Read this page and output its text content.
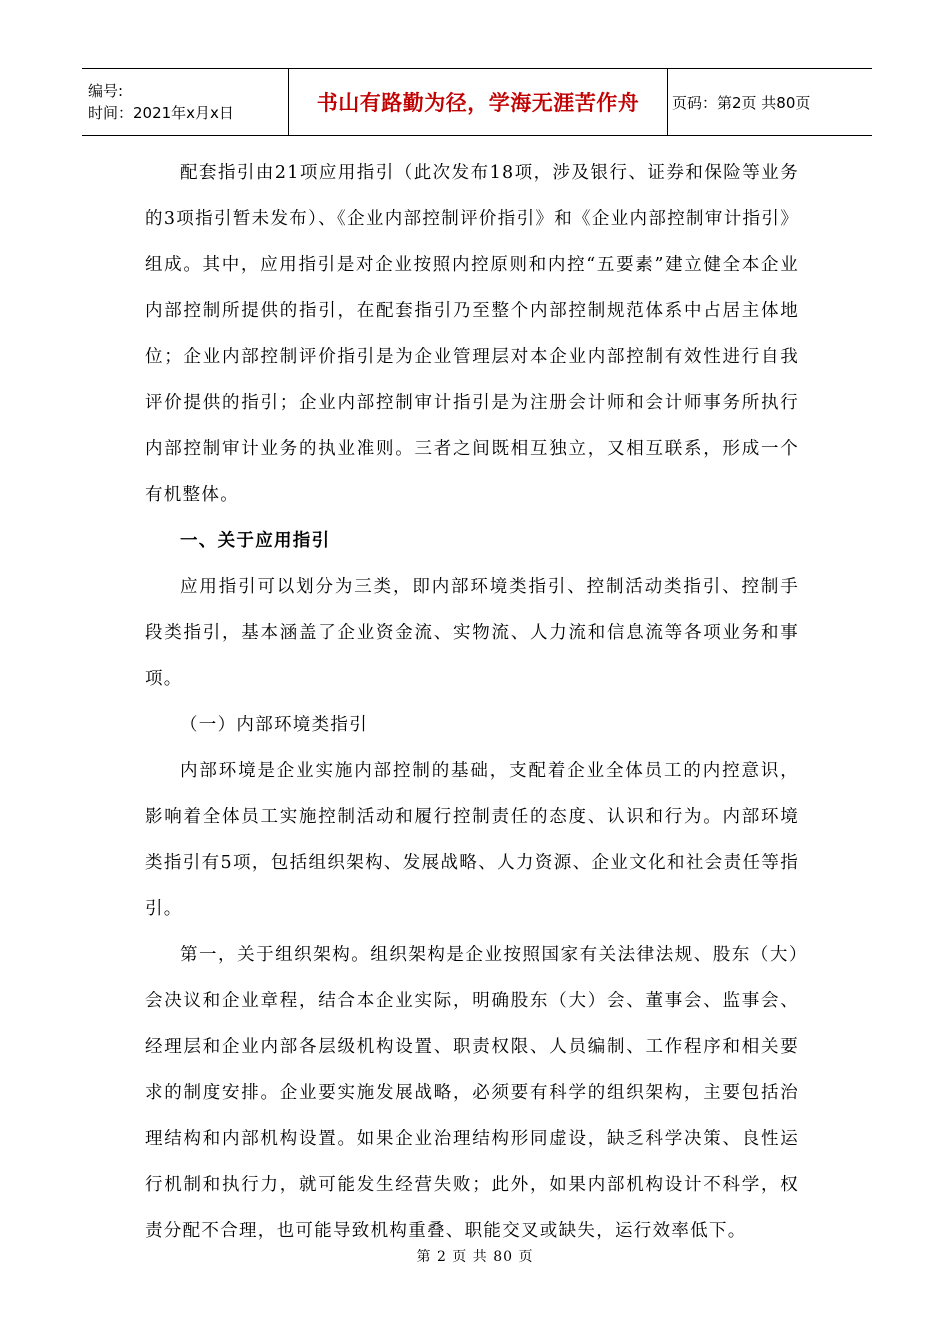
编号:
时间：2021年x月x日	书山有路勤为径，学海无涯苦作舟	页码：第2页 共80页

配套指引由21项应用指引（此次发布18项，涉及银行、证券和保险等业务的3项指引暂未发布）、《企业内部控制评价指引》和《企业内部控制审计指引》组成。其中，应用指引是对企业按照内控原则和内控“五要素”建立健全本企业内部控制所提供的指引，在配套指引乃至整个内部控制规范体系中占居主体地位；企业内部控制评价指引是为企业管理层对本企业内部控制有效性进行自我评价提供的指引；企业内部控制审计指引是为注册会计师和会计师事务所执行内部控制审计业务的执业准则。三者之间既相互独立，又相互联系，形成一个有机整体。

一、关于应用指引

应用指引可以划分为三类，即内部环境类指引、控制活动类指引、控制手段类指引，基本涵盖了企业资金流、实物流、人力流和信息流等各项业务和事项。

（一）内部环境类指引

内部环境是企业实施内部控制的基础，支配着企业全体员工的内控意识，影响着全体员工实施控制活动和履行控制责任的态度、认识和行为。内部环境类指引有5项，包括组织架构、发展战略、人力资源、企业文化和社会责任等指引。

第一，关于组织架构。组织架构是企业按照国家有关法律法规、股东（大）会决议和企业章程，结合本企业实际，明确股东（大）会、董事会、监事会、经理层和企业内部各层级机构设置、职责权限、人员编制、工作程序和相关要求的制度安排。企业要实施发展战略，必须要有科学的组织架构，主要包括治理结构和内部机构设置。如果企业治理结构形同虚设，缺乏科学决策、良性运行机制和执行力，就可能发生经营失败；此外，如果内部机构设计不科学，权责分配不合理，也可能导致机构重叠、职能交叉或缺失，运行效率低下。

第 2 页 共 80 页
